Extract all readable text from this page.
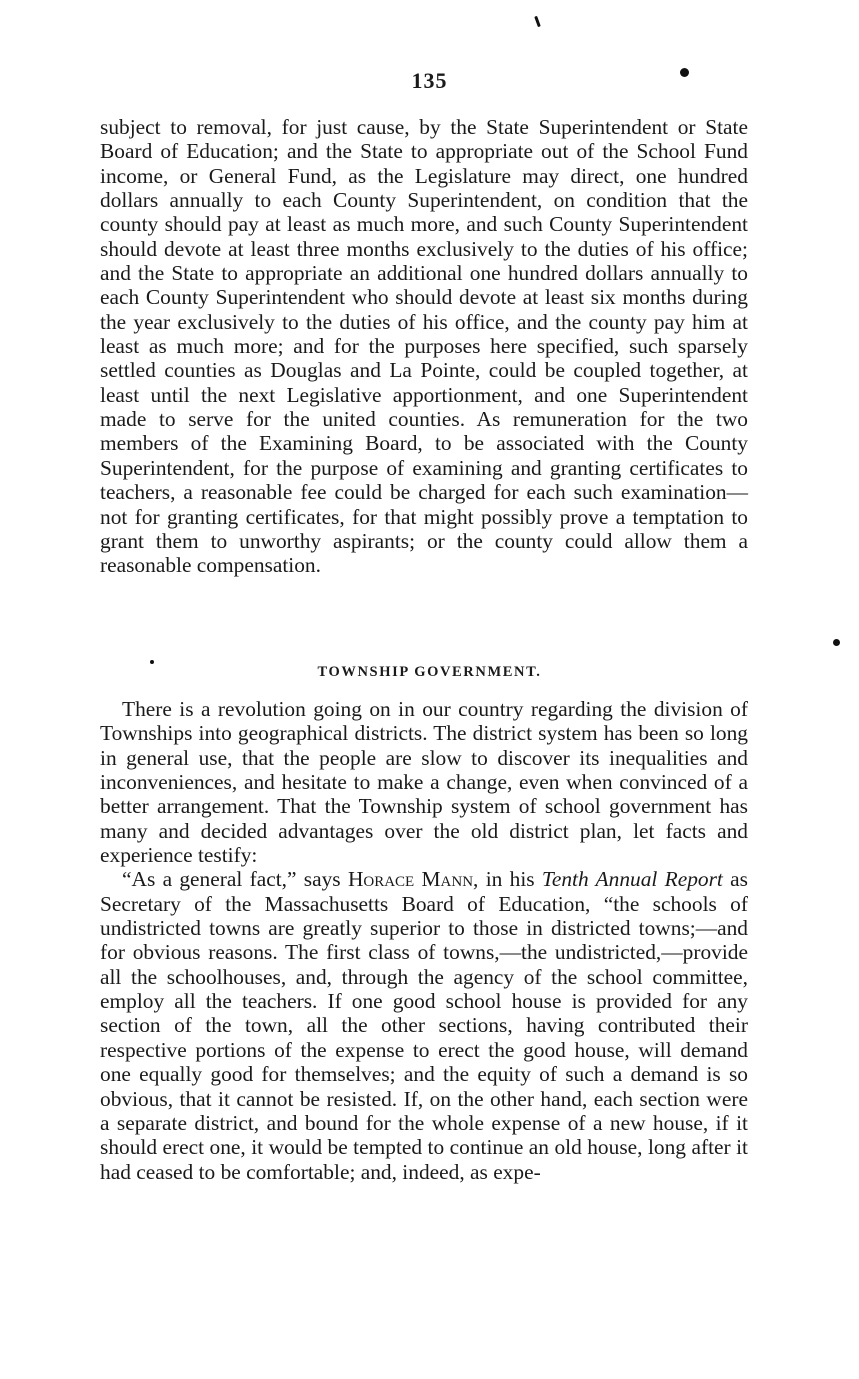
135

subject to removal, for just cause, by the State Superintendent or State Board of Education; and the State to appropriate out of the School Fund income, or General Fund, as the Legislature may direct, one hundred dollars annually to each County Superintendent, on condition that the county should pay at least as much more, and such County Superintendent should devote at least three months exclusively to the duties of his office; and the State to appropriate an additional one hundred dollars annually to each County Superintendent who should devote at least six months during the year exclusively to the duties of his office, and the county pay him at least as much more; and for the purposes here specified, such sparsely settled counties as Douglas and La Pointe, could be coupled together, at least until the next Legislative apportionment, and one Superintendent made to serve for the united counties. As remuneration for the two members of the Examining Board, to be associated with the County Superintendent, for the purpose of examining and granting certificates to teachers, a reasonable fee could be charged for each such examination—not for granting certificates, for that might possibly prove a temptation to grant them to unworthy aspirants; or the county could allow them a reasonable compensation.

TOWNSHIP GOVERNMENT.

There is a revolution going on in our country regarding the division of Townships into geographical districts. The district system has been so long in general use, that the people are slow to discover its inequalities and inconveniences, and hesitate to make a change, even when convinced of a better arrangement. That the Township system of school government has many and decided advantages over the old district plan, let facts and experience testify:

“As a general fact,” says Horace Mann, in his Tenth Annual Report as Secretary of the Massachusetts Board of Education, “the schools of undistricted towns are greatly superior to those in districted towns;—and for obvious reasons. The first class of towns,—the undistricted,—provide all the schoolhouses, and, through the agency of the school committee, employ all the teachers. If one good school house is provided for any section of the town, all the other sections, having contributed their respective portions of the expense to erect the good house, will demand one equally good for themselves; and the equity of such a demand is so obvious, that it cannot be resisted. If, on the other hand, each section were a separate district, and bound for the whole expense of a new house, if it should erect one, it would be tempted to continue an old house, long after it had ceased to be comfortable; and, indeed, as expe-
